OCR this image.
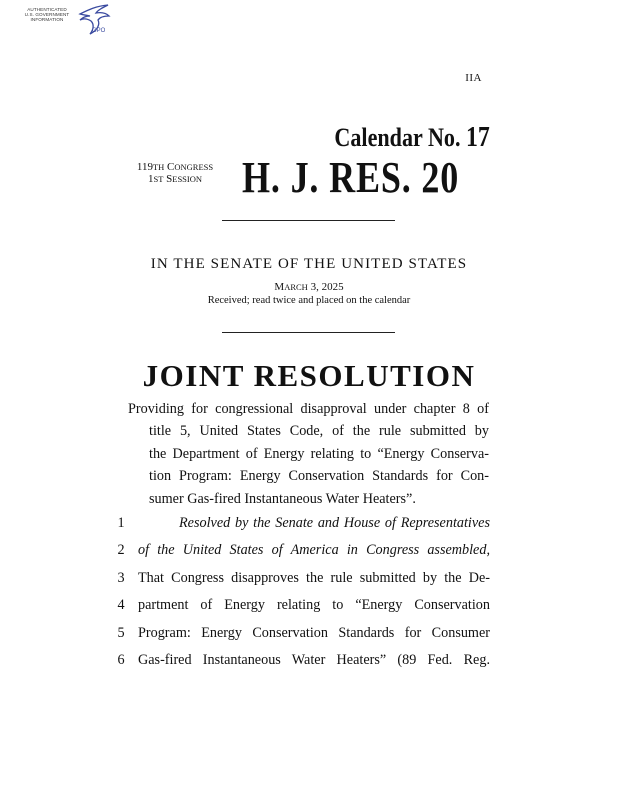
AUTHENTICATED
U.S. GOVERNMENT
INFORMATION
GPO
IIA
Calendar No. 17
119TH CONGRESS
1ST SESSION H. J. RES. 20
IN THE SENATE OF THE UNITED STATES
MARCH 3, 2025
Received; read twice and placed on the calendar
JOINT RESOLUTION
Providing for congressional disapproval under chapter 8 of
title 5, United States Code, of the rule submitted by
the Department of Energy relating to “Energy Conserva-
tion Program: Energy Conservation Standards for Con-
sumer Gas-fired Instantaneous Water Heaters”.
1	Resolved by the Senate and House of Representatives
2 of the United States of America in Congress assembled,
3 That Congress disapproves the rule submitted by the De-
4 partment of Energy relating to “Energy Conservation
5 Program: Energy Conservation Standards for Consumer
6 Gas-fired Instantaneous Water Heaters” (89 Fed. Reg.
